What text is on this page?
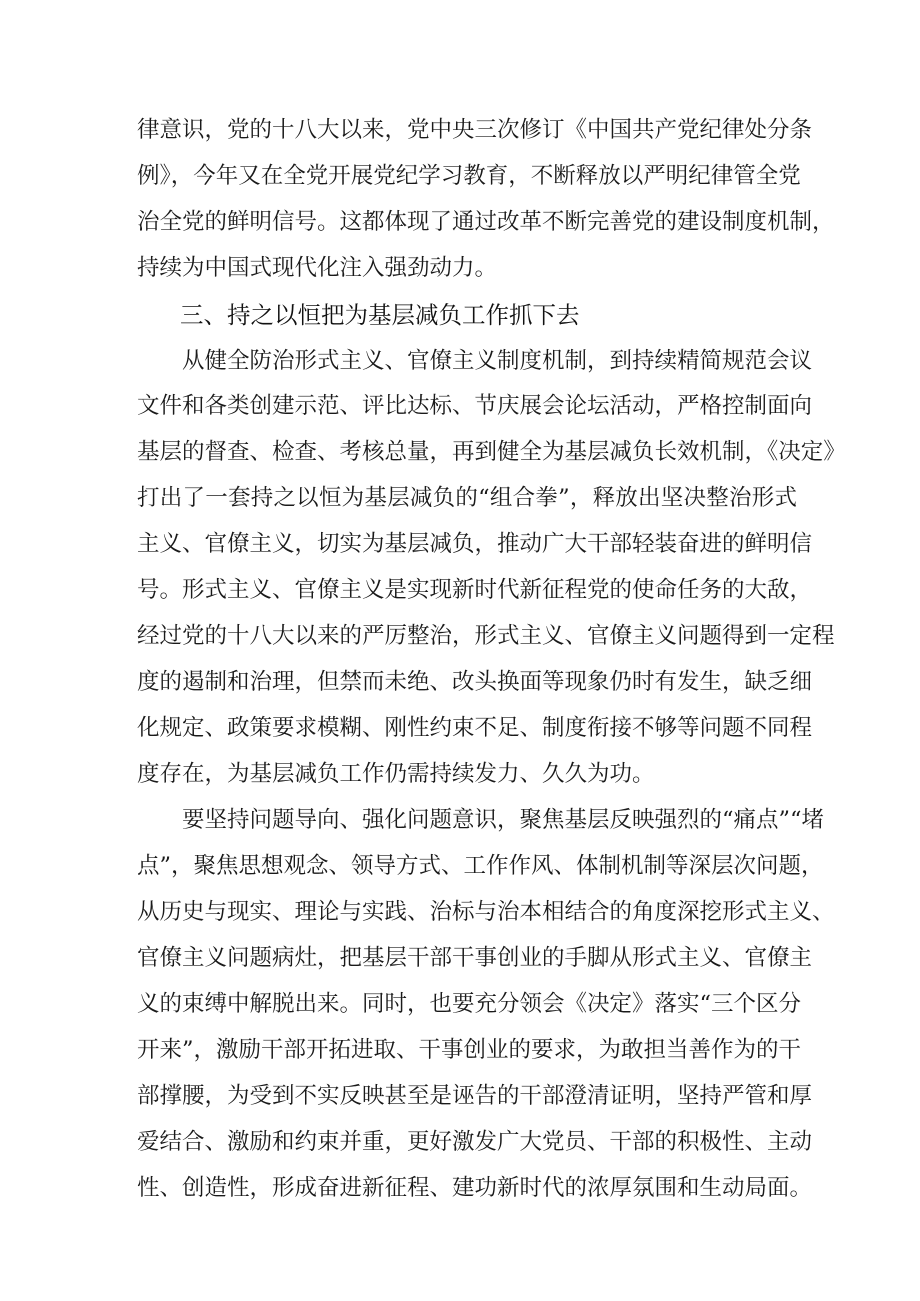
律意识，党的十八大以来，党中央三次修订《中国共产党纪律处分条
例》，今年又在全党开展党纪学习教育，不断释放以严明纪律管全党
治全党的鲜明信号。这都体现了通过改革不断完善党的建设制度机制，
持续为中国式现代化注入强劲动力。
三、持之以恒把为基层减负工作抓下去
从健全防治形式主义、官僚主义制度机制，到持续精简规范会议
文件和各类创建示范、评比达标、节庆展会论坛活动，严格控制面向
基层的督查、检查、考核总量，再到健全为基层减负长效机制，《决定》
打出了一套持之以恒为基层减负的“组合拳”，释放出坚决整治形式
主义、官僚主义，切实为基层减负，推动广大干部轻装奋进的鲜明信
号。形式主义、官僚主义是实现新时代新征程党的使命任务的大敌，
经过党的十八大以来的严厉整治，形式主义、官僚主义问题得到一定程
度的遏制和治理，但禁而未绝、改头换面等现象仍时有发生，缺乏细
化规定、政策要求模糊、刚性约束不足、制度衔接不够等问题不同程
度存在，为基层减负工作仍需持续发力、久久为功。
要坚持问题导向、强化问题意识，聚焦基层反映强烈的“痛点”“堵
点”，聚焦思想观念、领导方式、工作作风、体制机制等深层次问题，
从历史与现实、理论与实践、治标与治本相结合的角度深挖形式主义、
官僚主义问题病灶，把基层干部干事创业的手脚从形式主义、官僚主
义的束缚中解脱出来。同时，也要充分领会《决定》落实“三个区分
开来”，激励干部开拓进取、干事创业的要求，为敢担当善作为的干
部撑腰，为受到不实反映甚至是诬告的干部澄清证明，坚持严管和厚
爱结合、激励和约束并重，更好激发广大党员、干部的积极性、主动
性、创造性，形成奋进新征程、建功新时代的浓厚氛围和生动局面。
